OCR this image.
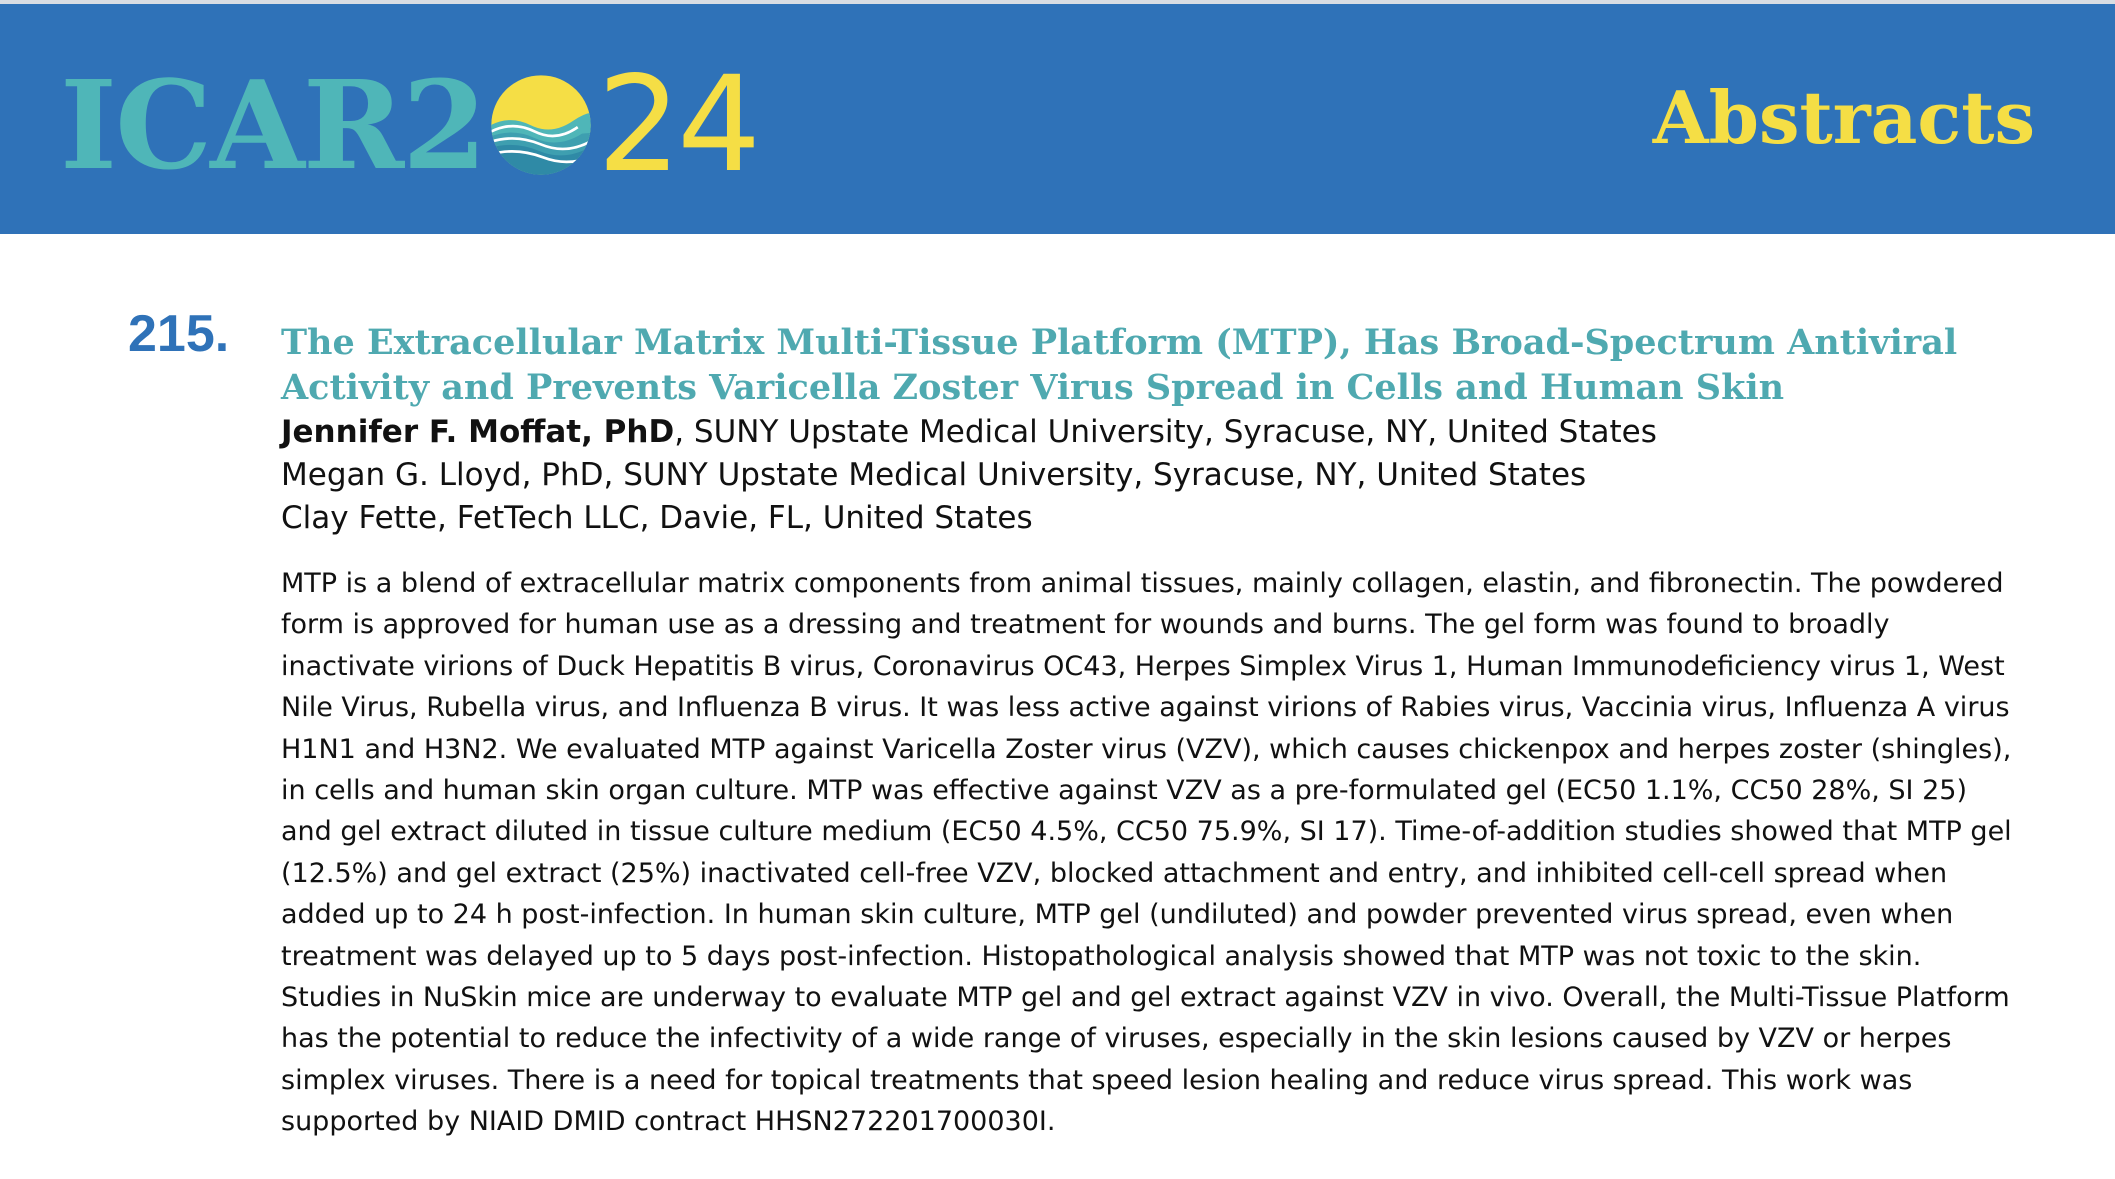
ICAR2 24	Abstracts
215. The Extracellular Matrix Multi-Tissue Platform (MTP), Has Broad-Spectrum Antiviral
Activity and Prevents Varicella Zoster Virus Spread in Cells and Human Skin
Jennifer F. Moffat, PhD, SUNY Upstate Medical University, Syracuse, NY, United States
Megan G. Lloyd, PhD, SUNY Upstate Medical University, Syracuse, NY, United States
Clay Fette, FetTech LLC, Davie, FL, United States
MTP is a blend of extracellular matrix components from animal tissues, mainly collagen, elastin, and fibronectin. The powdered form is approved for human use as a dressing and treatment for wounds and burns. The gel form was found to broadly inactivate virions of Duck Hepatitis B virus, Coronavirus OC43, Herpes Simplex Virus 1, Human Immunodeficiency virus 1, West Nile Virus, Rubella virus, and Influenza B virus. It was less active against virions of Rabies virus, Vaccinia virus, Influenza A virus H1N1 and H3N2. We evaluated MTP against Varicella Zoster virus (VZV), which causes chickenpox and herpes zoster (shingles), in cells and human skin organ culture. MTP was effective against VZV as a pre-formulated gel (EC50 1.1%, CC50 28%, SI 25) and gel extract diluted in tissue culture medium (EC50 4.5%, CC50 75.9%, SI 17). Time-of-addition studies showed that MTP gel (12.5%) and gel extract (25%) inactivated cell-free VZV, blocked attachment and entry, and inhibited cell-cell spread when added up to 24 h post-infection. In human skin culture, MTP gel (undiluted) and powder prevented virus spread, even when treatment was delayed up to 5 days post-infection. Histopathological analysis showed that MTP was not toxic to the skin. Studies in NuSkin mice are underway to evaluate MTP gel and gel extract against VZV in vivo. Overall, the Multi-Tissue Platform has the potential to reduce the infectivity of a wide range of viruses, especially in the skin lesions caused by VZV or herpes simplex viruses. There is a need for topical treatments that speed lesion healing and reduce virus spread. This work was supported by NIAID DMID contract HHSN272201700030I.
